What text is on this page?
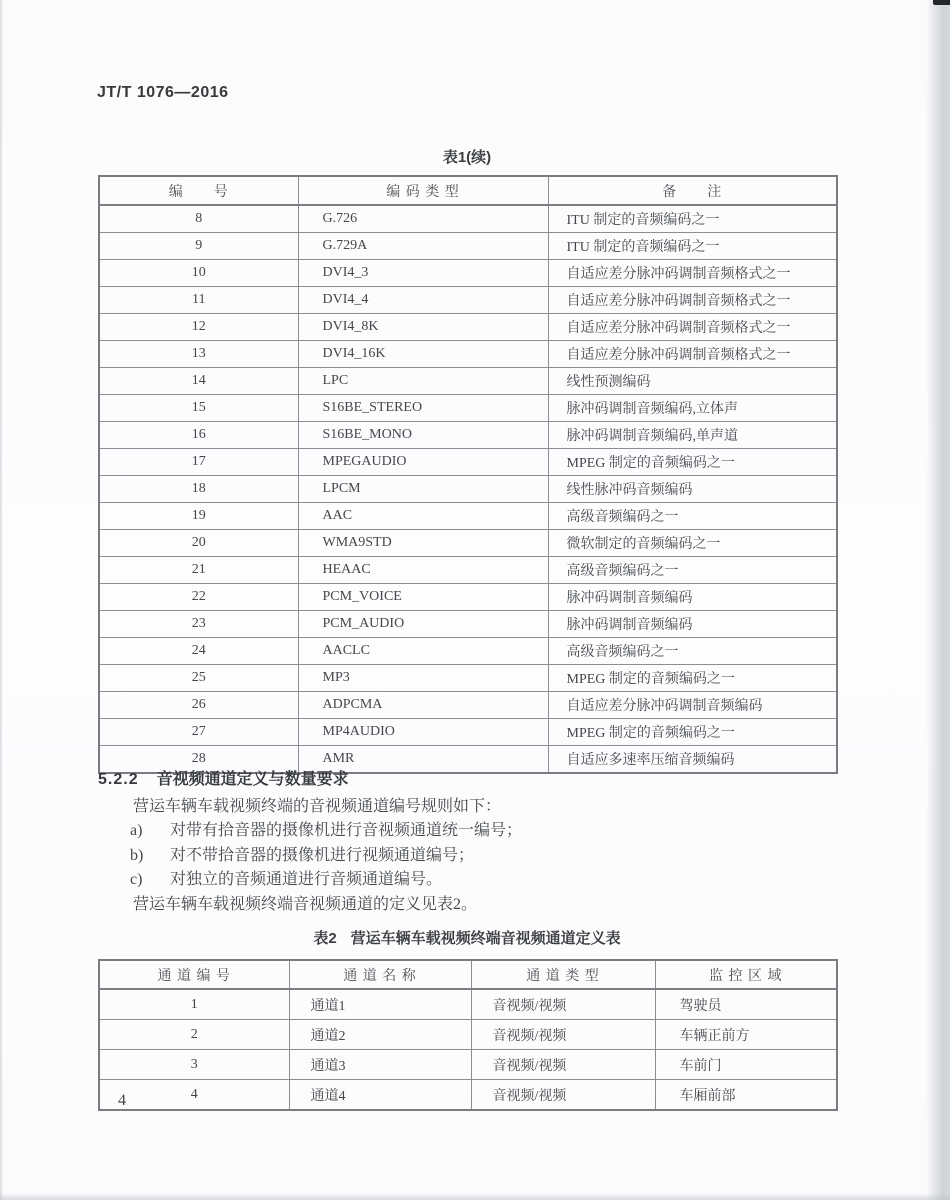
JT/T 1076—2016
表1(续)
编　　号	编 码 类 型	备　　注
8	G.726	ITU 制定的音频编码之一
9	G.729A	ITU 制定的音频编码之一
10	DVI4_3	自适应差分脉冲码调制音频格式之一
11	DVI4_4	自适应差分脉冲码调制音频格式之一
12	DVI4_8K	自适应差分脉冲码调制音频格式之一
13	DVI4_16K	自适应差分脉冲码调制音频格式之一
14	LPC	线性预测编码
15	S16BE_STEREO	脉冲码调制音频编码,立体声
16	S16BE_MONO	脉冲码调制音频编码,单声道
17	MPEGAUDIO	MPEG 制定的音频编码之一
18	LPCM	线性脉冲码音频编码
19	AAC	高级音频编码之一
20	WMA9STD	微软制定的音频编码之一
21	HEAAC	高级音频编码之一
22	PCM_VOICE	脉冲码调制音频编码
23	PCM_AUDIO	脉冲码调制音频编码
24	AACLC	高级音频编码之一
25	MP3	MPEG 制定的音频编码之一
26	ADPCMA	自适应差分脉冲码调制音频编码
27	MP4AUDIO	MPEG 制定的音频编码之一
28	AMR	自适应多速率压缩音频编码
5.2.2 音视频通道定义与数量要求
营运车辆车载视频终端的音视频通道编号规则如下：
a) 对带有拾音器的摄像机进行音视频通道统一编号；
b) 对不带拾音器的摄像机进行视频通道编号；
c) 对独立的音频通道进行音频通道编号。
营运车辆车载视频终端音视频通道的定义见表2。
表2 营运车辆车载视频终端音视频通道定义表
通 道 编 号	通 道 名 称	通 道 类 型	监 控 区 域
1	通道1	音视频/视频	驾驶员
2	通道2	音视频/视频	车辆正前方
3	通道3	音视频/视频	车前门
4	通道4	音视频/视频	车厢前部
4
